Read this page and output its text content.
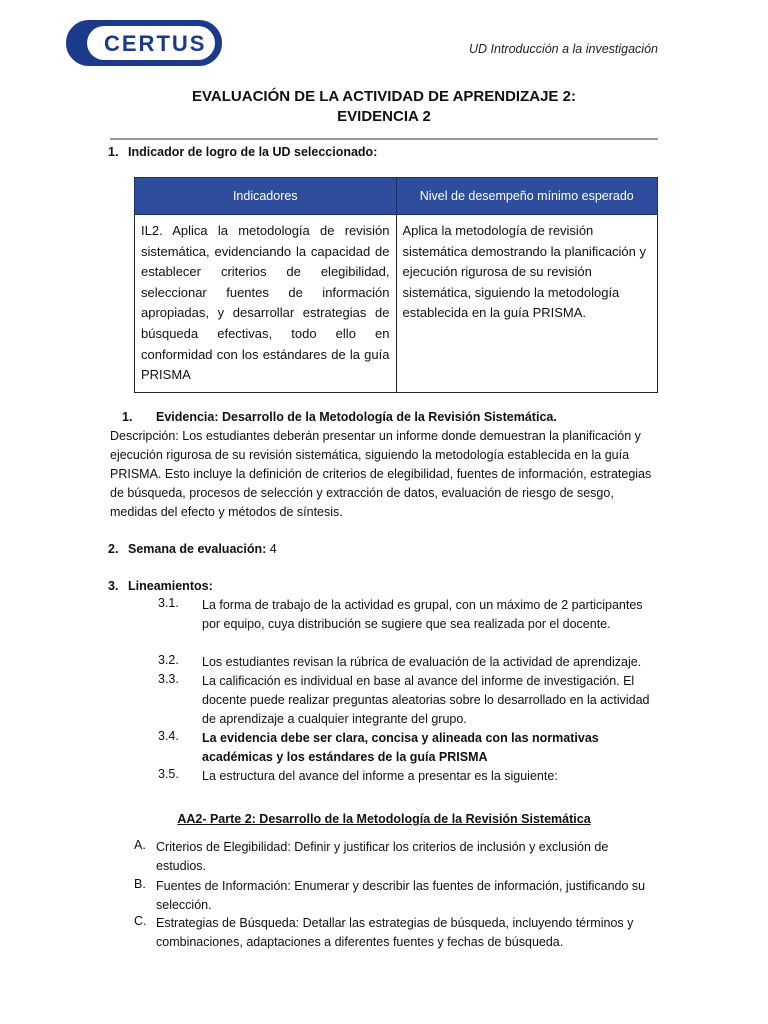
CERTUS	UD Introducción a la investigación
EVALUACIÓN DE LA ACTIVIDAD DE APRENDIZAJE 2:
EVIDENCIA 2
1. Indicador de logro de la UD seleccionado:
Indicadores	Nivel de desempeño mínimo esperado
IL2. Aplica la metodología de revisión sistemática, evidenciando la capacidad de establecer criterios de elegibilidad, seleccionar fuentes de información apropiadas, y desarrollar estrategias de búsqueda efectivas, todo ello en conformidad con los estándares de la guía PRISMA	Aplica la metodología de revisión sistemática demostrando la planificación y ejecución rigurosa de su revisión sistemática, siguiendo la metodología establecida en la guía PRISMA.
1. Evidencia: Desarrollo de la Metodología de la Revisión Sistemática.
Descripción: Los estudiantes deberán presentar un informe donde demuestran la planificación y ejecución rigurosa de su revisión sistemática, siguiendo la metodología establecida en la guía PRISMA. Esto incluye la definición de criterios de elegibilidad, fuentes de información, estrategias de búsqueda, procesos de selección y extracción de datos, evaluación de riesgo de sesgo, medidas del efecto y métodos de síntesis.
2. Semana de evaluación: 4
3. Lineamientos:
3.1. La forma de trabajo de la actividad es grupal, con un máximo de 2 participantes por equipo, cuya distribución se sugiere que sea realizada por el docente.
3.2. Los estudiantes revisan la rúbrica de evaluación de la actividad de aprendizaje.
3.3. La calificación es individual en base al avance del informe de investigación. El docente puede realizar preguntas aleatorias sobre lo desarrollado en la actividad de aprendizaje a cualquier integrante del grupo.
3.4. La evidencia debe ser clara, concisa y alineada con las normativas académicas y los estándares de la guía PRISMA
3.5. La estructura del avance del informe a presentar es la siguiente:
AA2- Parte 2: Desarrollo de la Metodología de la Revisión Sistemática
A. Criterios de Elegibilidad: Definir y justificar los criterios de inclusión y exclusión de estudios.
B. Fuentes de Información: Enumerar y describir las fuentes de información, justificando su selección.
C. Estrategias de Búsqueda: Detallar las estrategias de búsqueda, incluyendo términos y combinaciones, adaptaciones a diferentes fuentes y fechas de búsqueda.
